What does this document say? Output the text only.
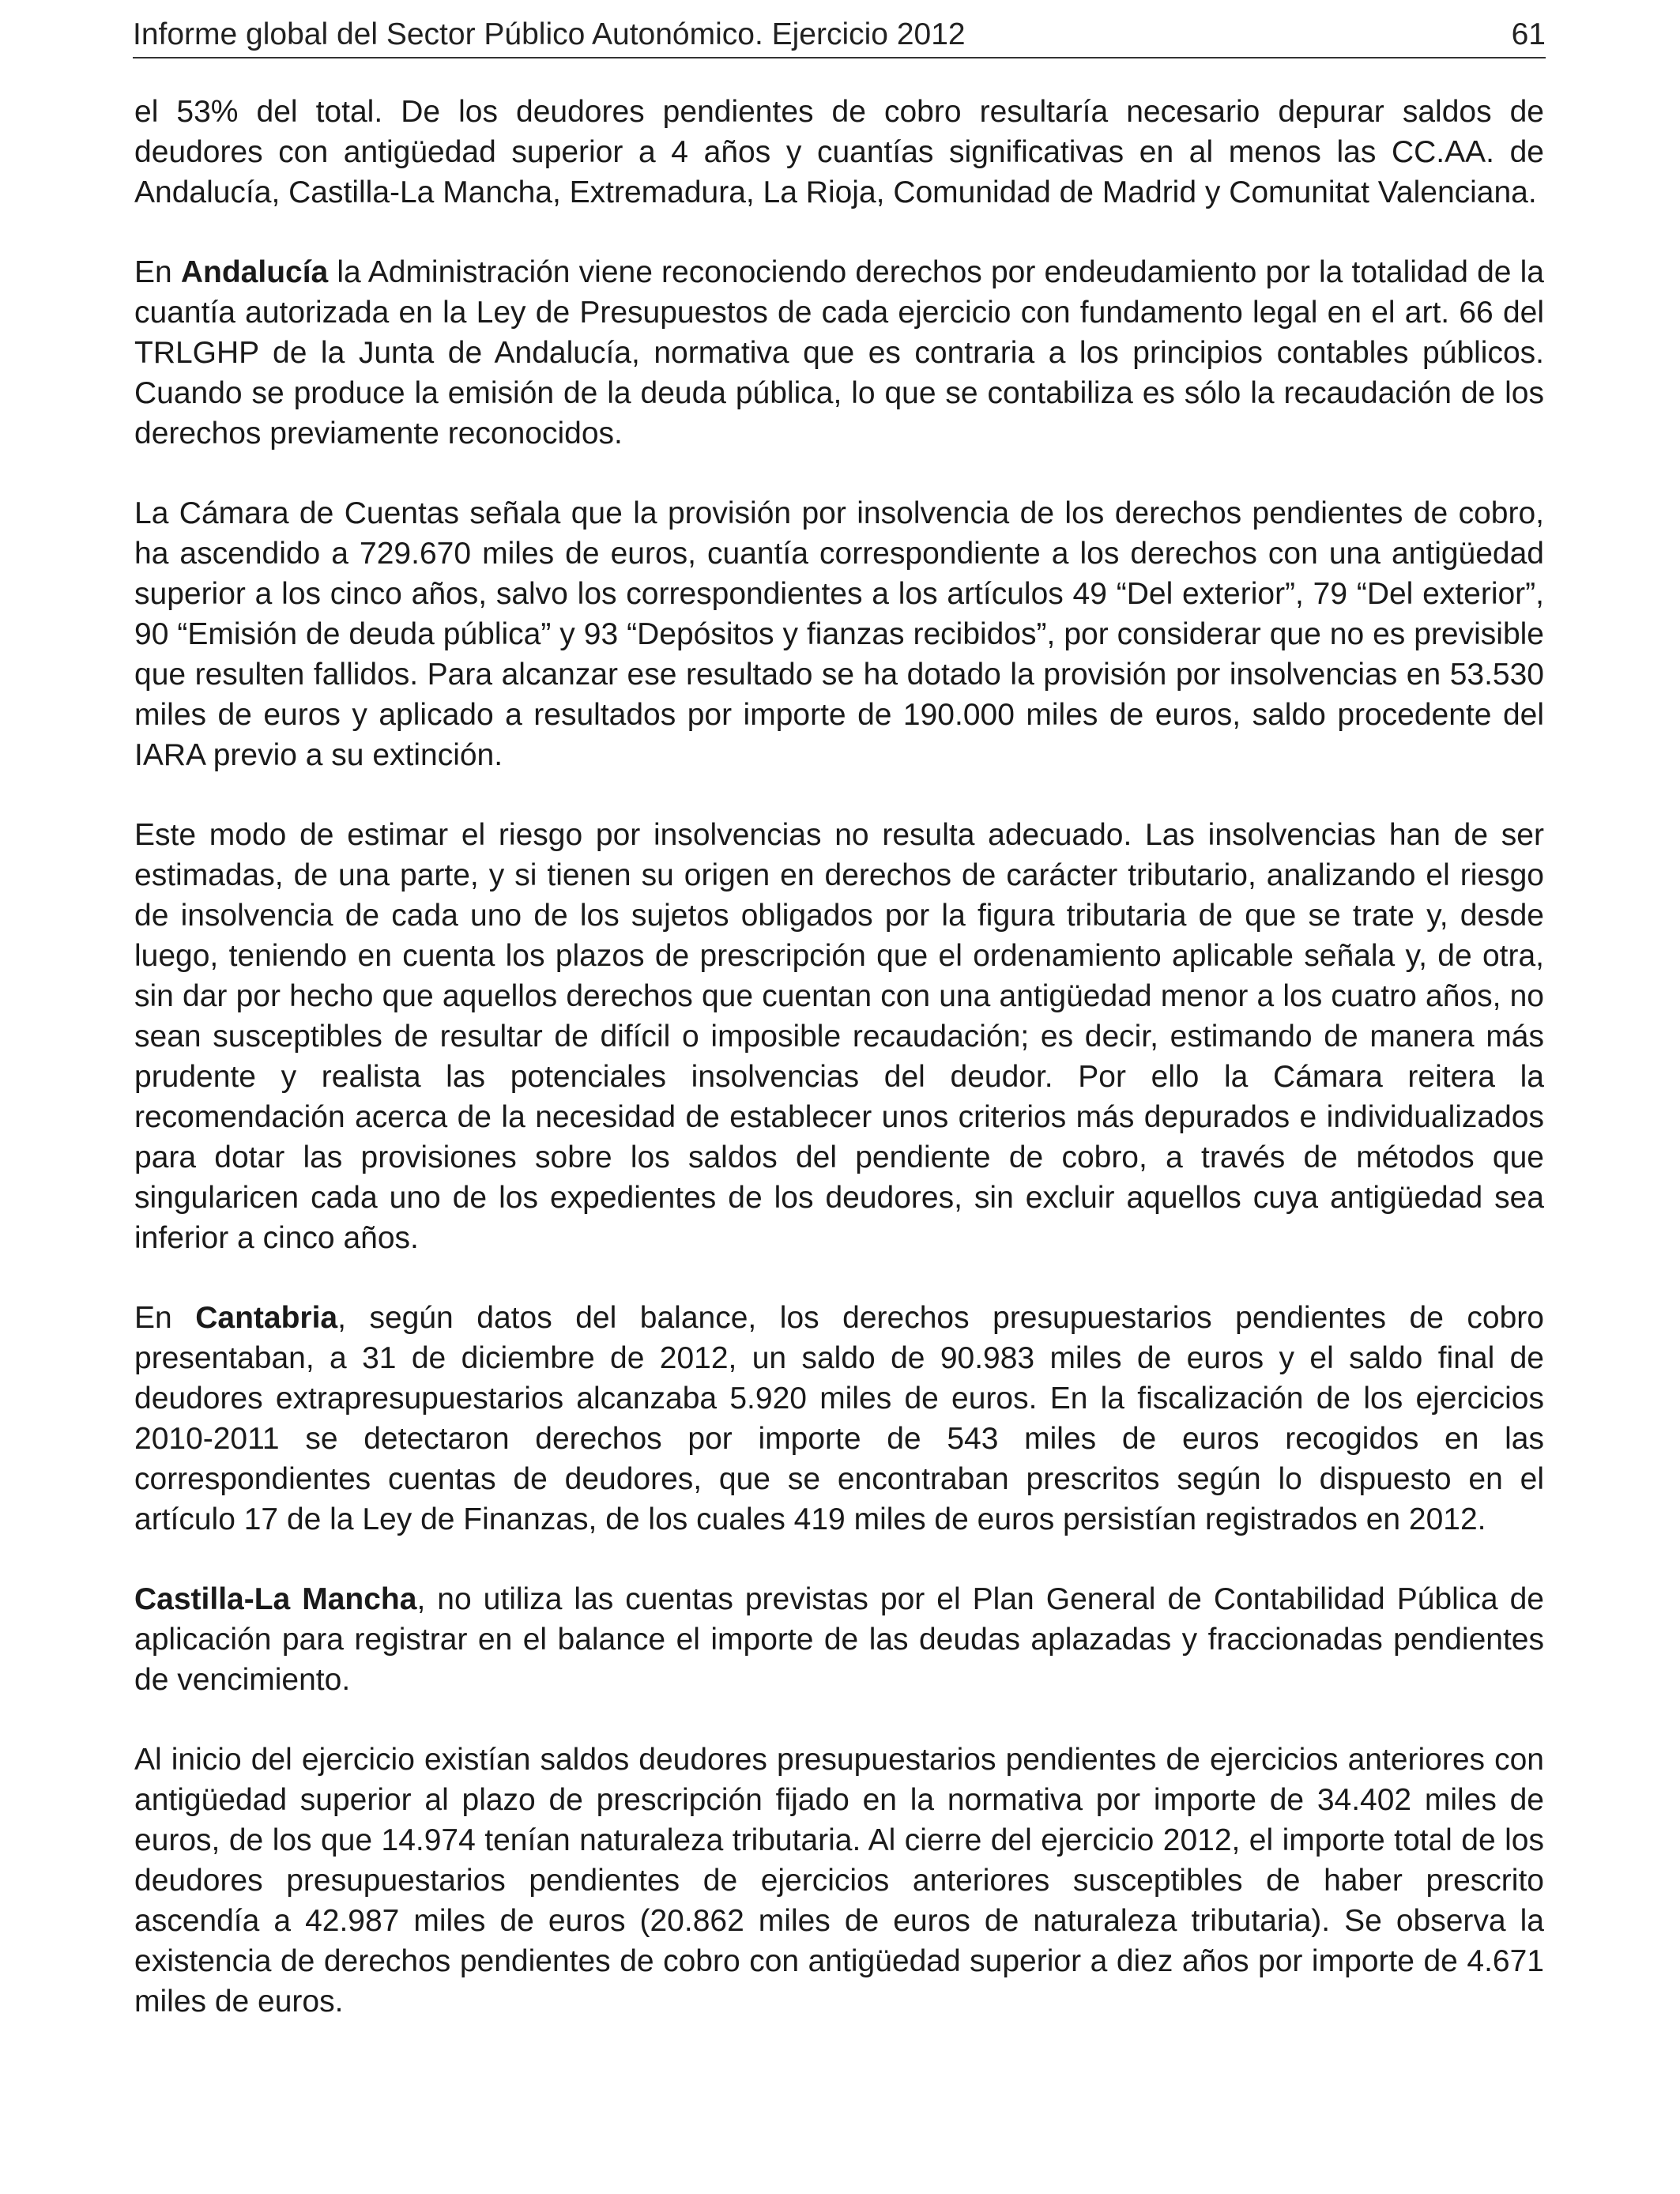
Informe global del Sector Público Autonómico. Ejercicio 2012	61

el 53% del total. De los deudores pendientes de cobro resultaría necesario depurar saldos de deudores con antigüedad superior a 4 años y cuantías significativas en al menos las CC.AA. de Andalucía, Castilla-La Mancha, Extremadura, La Rioja, Comunidad de Madrid y Comunitat Valenciana.

En Andalucía la Administración viene reconociendo derechos por endeudamiento por la totalidad de la cuantía autorizada en la Ley de Presupuestos de cada ejercicio con fundamento legal en el art. 66 del TRLGHP de la Junta de Andalucía, normativa que es contraria a los principios contables públicos. Cuando se produce la emisión de la deuda pública, lo que se contabiliza es sólo la recaudación de los derechos previamente reconocidos.

La Cámara de Cuentas señala que la provisión por insolvencia de los derechos pendientes de cobro, ha ascendido a 729.670 miles de euros, cuantía correspondiente a los derechos con una antigüedad superior a los cinco años, salvo los correspondientes a los artículos 49 “Del exterior”, 79 “Del exterior”, 90 “Emisión de deuda pública” y 93 “Depósitos y fianzas recibidos”, por considerar que no es previsible que resulten fallidos. Para alcanzar ese resultado se ha dotado la provisión por insolvencias en 53.530 miles de euros y aplicado a resultados por importe de 190.000 miles de euros, saldo procedente del IARA previo a su extinción.

Este modo de estimar el riesgo por insolvencias no resulta adecuado. Las insolvencias han de ser estimadas, de una parte, y si tienen su origen en derechos de carácter tributario, analizando el riesgo de insolvencia de cada uno de los sujetos obligados por la figura tributaria de que se trate y, desde luego, teniendo en cuenta los plazos de prescripción que el ordenamiento aplicable señala y, de otra, sin dar por hecho que aquellos derechos que cuentan con una antigüedad menor a los cuatro años, no sean susceptibles de resultar de difícil o imposible recaudación; es decir, estimando de manera más prudente y realista las potenciales insolvencias del deudor. Por ello la Cámara reitera la recomendación acerca de la necesidad de establecer unos criterios más depurados e individualizados para dotar las provisiones sobre los saldos del pendiente de cobro, a través de métodos que singularicen cada uno de los expedientes de los deudores, sin excluir aquellos cuya antigüedad sea inferior a cinco años.

En Cantabria, según datos del balance, los derechos presupuestarios pendientes de cobro presentaban, a 31 de diciembre de 2012, un saldo de 90.983 miles de euros y el saldo final de deudores extrapresupuestarios alcanzaba 5.920 miles de euros. En la fiscalización de los ejercicios 2010-2011 se detectaron derechos por importe de 543 miles de euros recogidos en las correspondientes cuentas de deudores, que se encontraban prescritos según lo dispuesto en el artículo 17 de la Ley de Finanzas, de los cuales 419 miles de euros persistían registrados en 2012.

Castilla-La Mancha, no utiliza las cuentas previstas por el Plan General de Contabilidad Pública de aplicación para registrar en el balance el importe de las deudas aplazadas y fraccionadas pendientes de vencimiento.

Al inicio del ejercicio existían saldos deudores presupuestarios pendientes de ejercicios anteriores con antigüedad superior al plazo de prescripción fijado en la normativa por importe de 34.402 miles de euros, de los que 14.974 tenían naturaleza tributaria. Al cierre del ejercicio 2012, el importe total de los deudores presupuestarios pendientes de ejercicios anteriores susceptibles de haber prescrito ascendía a 42.987 miles de euros (20.862 miles de euros de naturaleza tributaria). Se observa la existencia de derechos pendientes de cobro con antigüedad superior a diez años por importe de 4.671 miles de euros.
